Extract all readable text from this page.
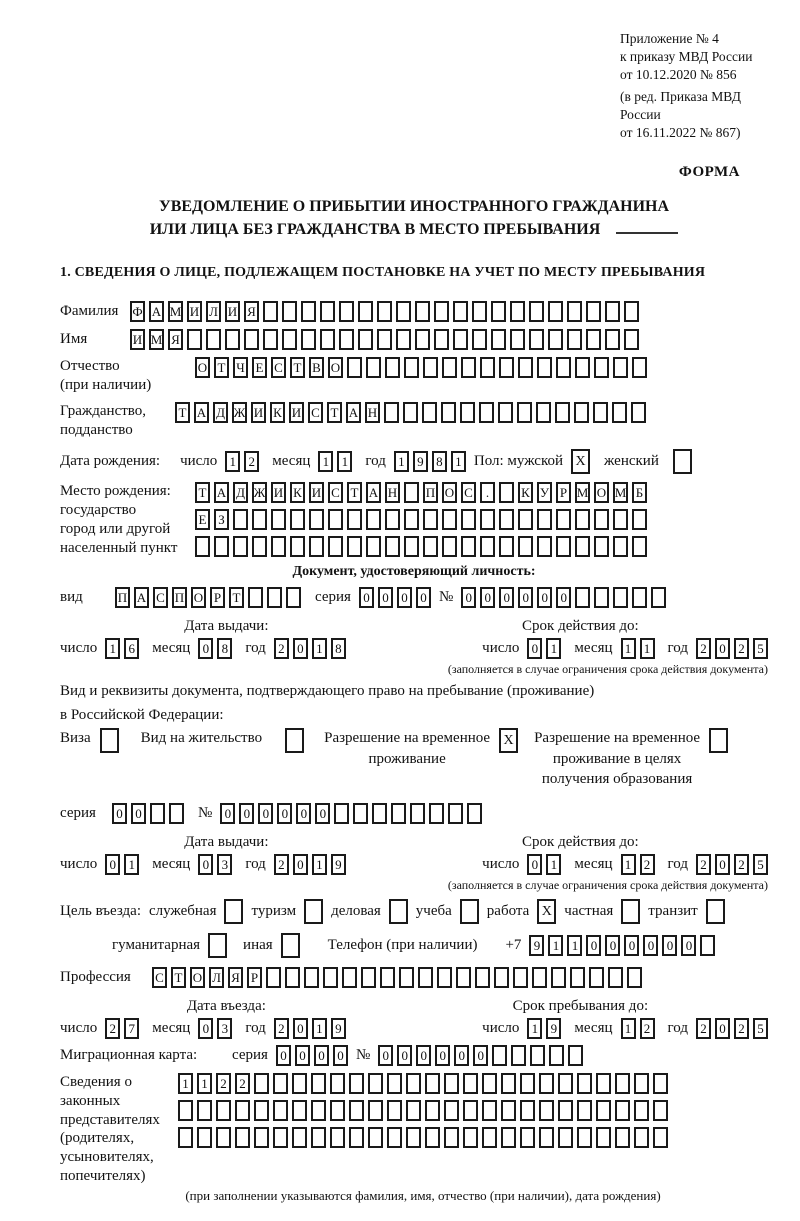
Приложение № 4
к приказу МВД России
от 10.12.2020 № 856
(в ред. Приказа МВД России
от 16.11.2022 № 867)
ФОРМА
УВЕДОМЛЕНИЕ О ПРИБЫТИИ ИНОСТРАННОГО ГРАЖДАНИНА
ИЛИ ЛИЦА БЕЗ ГРАЖДАНСТВА В МЕСТО ПРЕБЫВАНИЯ
1. СВЕДЕНИЯ О ЛИЦЕ, ПОДЛЕЖАЩЕМ ПОСТАНОВКЕ НА УЧЕТ ПО МЕСТУ ПРЕБЫВАНИЯ
Фамилия	Ф А М И Л И Я
Имя	И М Я
Отчество
(при наличии)
О Т Ч Е С Т В О
Гражданство,
подданство
Т А Д Ж И К И С Т А Н
Дата рождения: число 1 2 месяц 1 1 год 1 9 8 1 Пол: мужской X женский
Место рождения:
государство
город или другой
населенный пункт
Т А Д Ж И К И С Т А Н П О С	.	К У Р М О М Б
Е З
Документ, удостоверяющий личность:
вид	П А С П О Р Т	серия 0 0 0 0 № 0 0 0 0 0 0
Дата выдачи:
число 1 6 месяц 0 8 год 2 0 1 8
Срок действия до:
число 0 1 месяц 1 1 год 2 0 2 5
(заполняется в случае ограничения срока действия документа)
Вид и реквизиты документа, подтверждающего право на пребывание (проживание)
в Российской Федерации:
Виза	Вид на жительство	Разрешение на временное
проживание
X Разрешение на временное
проживание в целях
получения образования
серия	0 0	№ 0 0 0 0 0 0
Дата выдачи:
число 0 1 месяц 0 3 год 2 0 1 9
Срок действия до:
число 0 1 месяц 1 2 год 2 0 2 5
(заполняется в случае ограничения срока действия документа)
Цель въезда: служебная туризм деловая учеба работа X частная транзит
гуманитарная	иная	Телефон (при наличии) +7 9 1 1 0 0 0 0 0 0
Профессия	С Т О Л Я Р
Дата въезда:
число 2 7 месяц 0 3 год 2 0 1 9
Срок пребывания до:
число 1 9 месяц 1 2 год 2 0 2 5
Миграционная карта:	серия 0 0 0 0 № 0 0 0 0 0 0
Сведения о
законных
представителях
(родителях,
усыновителях,
попечителях)
1 1 2 2
(при заполнении указываются фамилия, имя, отчество (при наличии), дата рождения)
